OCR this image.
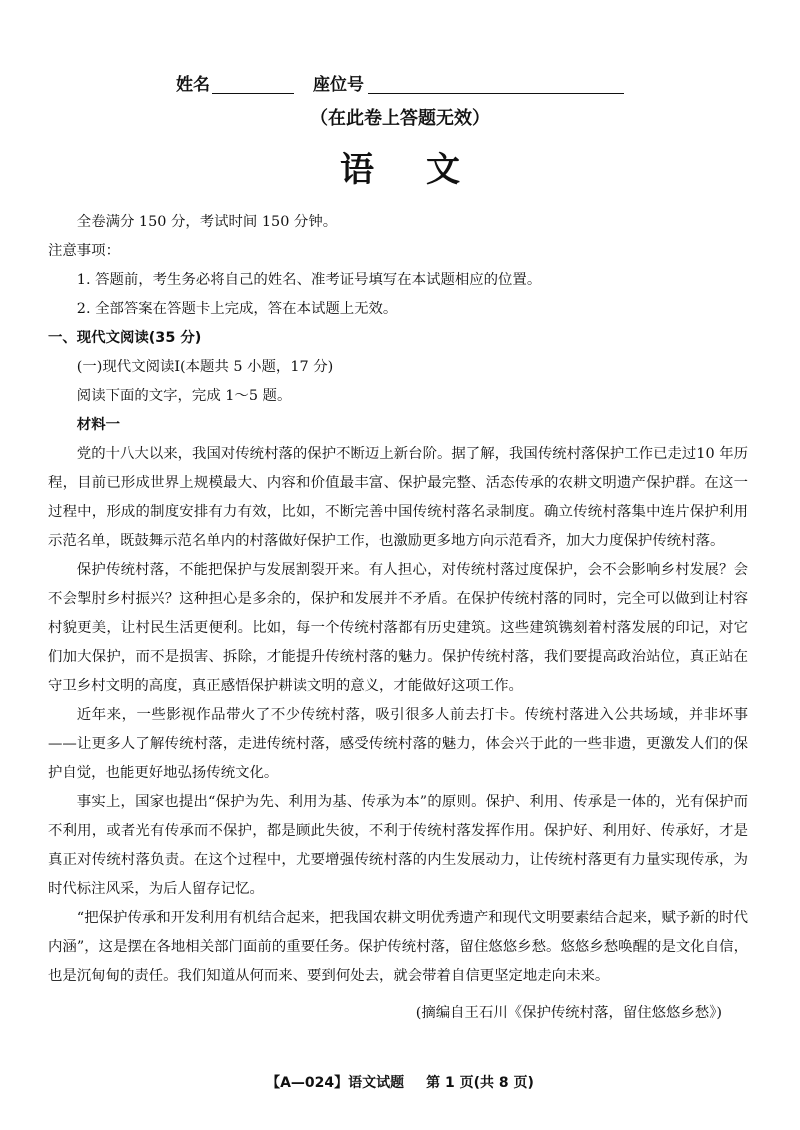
姓名	座位号
（在此卷上答题无效）
语文

全卷满分 150 分，考试时间 150 分钟。

注意事项：

1. 答题前，考生务必将自己的姓名、准考证号填写在本试题相应的位置。

2. 全部答案在答题卡上完成，答在本试题上无效。

一、现代文阅读(35 分)

(一)现代文阅读Ⅰ(本题共 5 小题，17 分)

阅读下面的文字，完成 1～5 题。

材料一

党的十八大以来，我国对传统村落的保护不断迈上新台阶。据了解，我国传统村落保护工作已走过10 年历程，目前已形成世界上规模最大、内容和价值最丰富、保护最完整、活态传承的农耕文明遗产保护群。在这一过程中，形成的制度安排有力有效，比如，不断完善中国传统村落名录制度。确立传统村落集中连片保护利用示范名单，既鼓舞示范名单内的村落做好保护工作，也激励更多地方向示范看齐，加大力度保护传统村落。

保护传统村落，不能把保护与发展割裂开来。有人担心，对传统村落过度保护，会不会影响乡村发展？会不会掣肘乡村振兴？这种担心是多余的，保护和发展并不矛盾。在保护传统村落的同时，完全可以做到让村容村貌更美，让村民生活更便利。比如，每一个传统村落都有历史建筑。这些建筑镌刻着村落发展的印记，对它们加大保护，而不是损害、拆除，才能提升传统村落的魅力。保护传统村落，我们要提高政治站位，真正站在守卫乡村文明的高度，真正感悟保护耕读文明的意义，才能做好这项工作。

近年来，一些影视作品带火了不少传统村落，吸引很多人前去打卡。传统村落进入公共场域，并非坏事——让更多人了解传统村落，走进传统村落，感受传统村落的魅力，体会兴于此的一些非遗，更激发人们的保护自觉，也能更好地弘扬传统文化。

事实上，国家也提出“保护为先、利用为基、传承为本”的原则。保护、利用、传承是一体的，光有保护而不利用，或者光有传承而不保护，都是顾此失彼，不利于传统村落发挥作用。保护好、利用好、传承好，才是真正对传统村落负责。在这个过程中，尤要增强传统村落的内生发展动力，让传统村落更有力量实现传承，为时代标注风采，为后人留存记忆。

“把保护传承和开发利用有机结合起来，把我国农耕文明优秀遗产和现代文明要素结合起来，赋予新的时代内涵”，这是摆在各地相关部门面前的重要任务。保护传统村落，留住悠悠乡愁。悠悠乡愁唤醒的是文化自信，也是沉甸甸的责任。我们知道从何而来、要到何处去，就会带着自信更坚定地走向未来。

(摘编自王石川《保护传统村落，留住悠悠乡愁》)

【A—024】语文试题 第 1 页(共 8 页)
